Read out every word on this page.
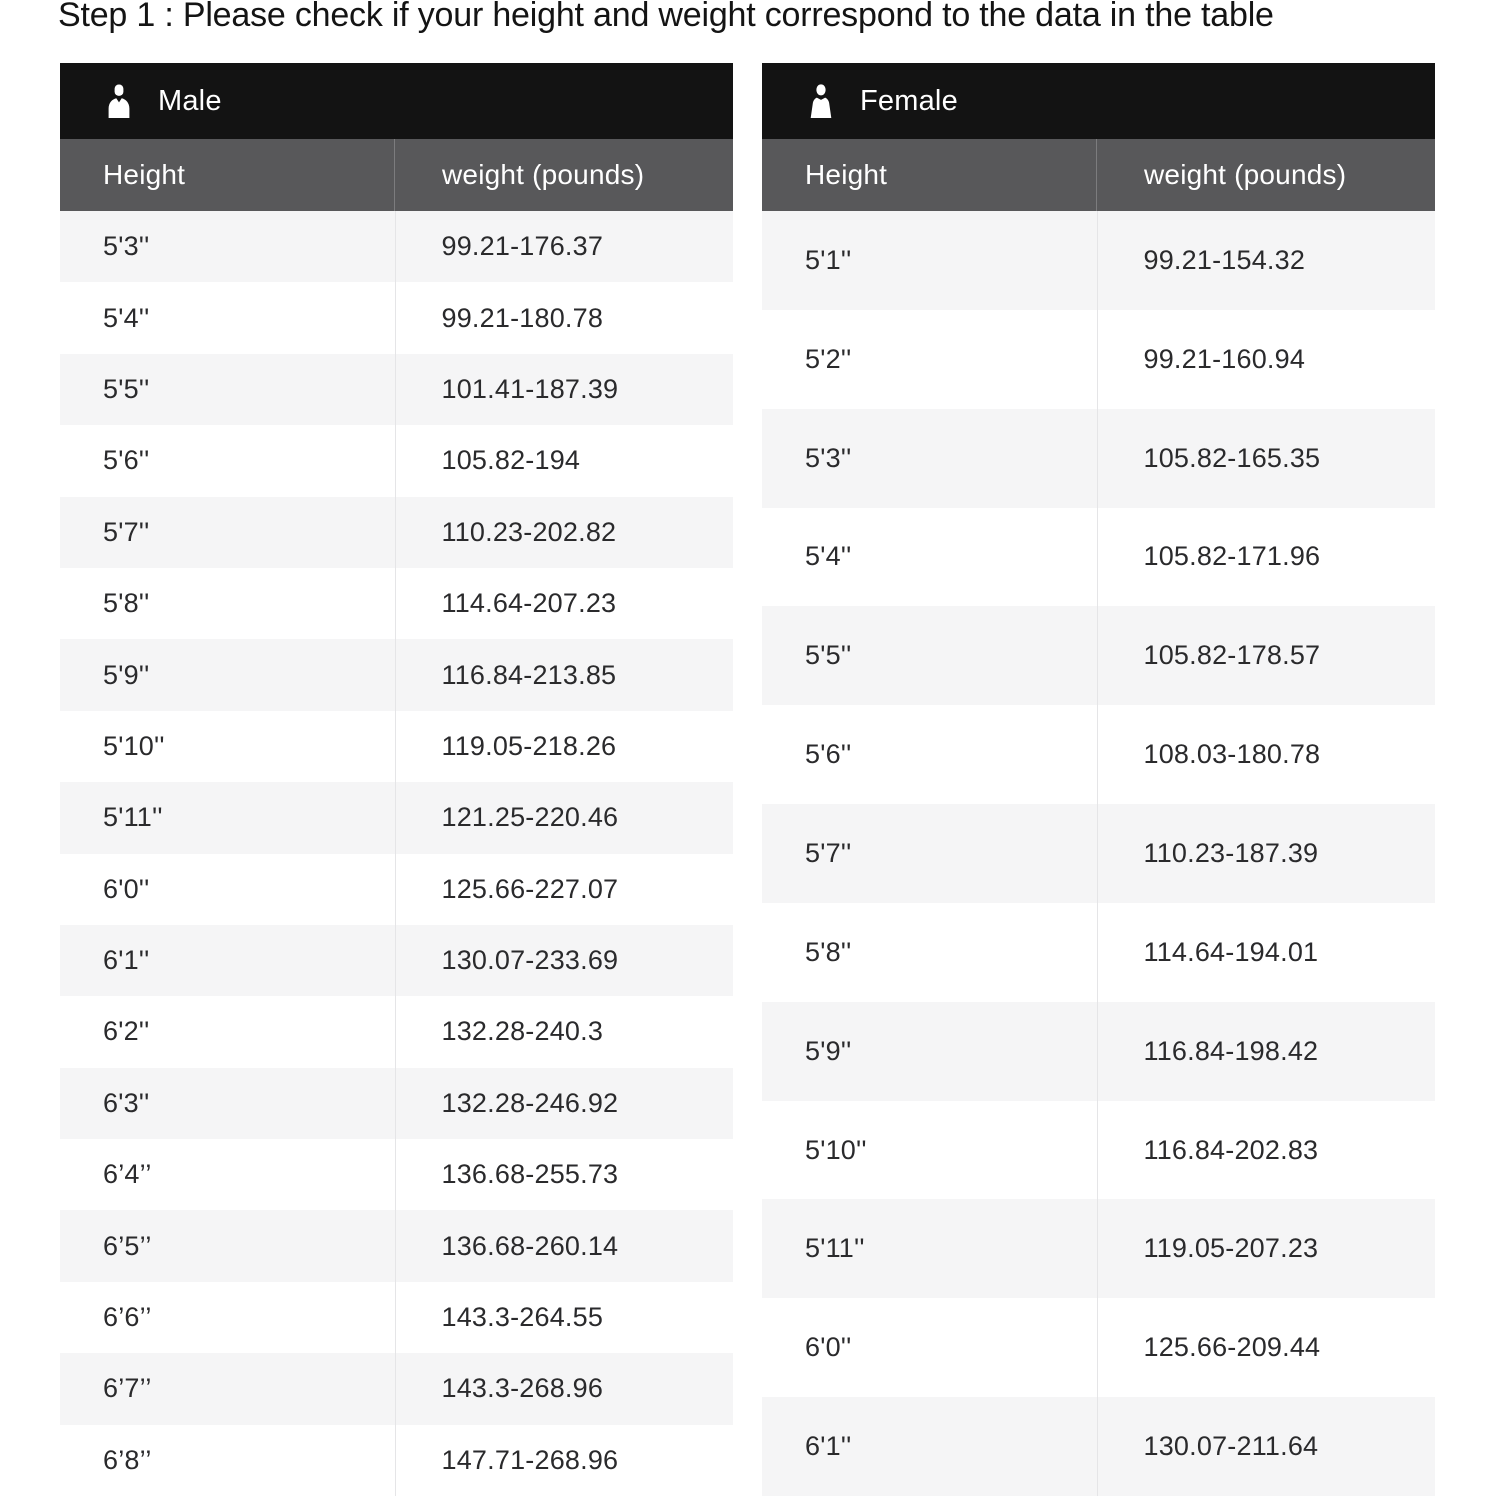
Step 1 : Please check if your height and weight correspond to the data in the table
Male
Height	weight (pounds)
5'3''	99.21-176.37
5'4''	99.21-180.78
5'5''	101.41-187.39
5'6''	105.82-194
5'7''	110.23-202.82
5'8''	114.64-207.23
5'9''	116.84-213.85
5'10''	119.05-218.26
5'11''	121.25-220.46
6'0''	125.66-227.07
6'1''	130.07-233.69
6'2''	132.28-240.3
6'3''	132.28-246.92
6’4’’	136.68-255.73
6’5’’	136.68-260.14
6’6’’	143.3-264.55
6’7’’	143.3-268.96
6’8’’	147.71-268.96
Female
Height	weight (pounds)
5'1''	99.21-154.32
5'2''	99.21-160.94
5'3''	105.82-165.35
5'4''	105.82-171.96
5'5''	105.82-178.57
5'6''	108.03-180.78
5'7''	110.23-187.39
5'8''	114.64-194.01
5'9''	116.84-198.42
5'10''	116.84-202.83
5'11''	119.05-207.23
6'0''	125.66-209.44
6'1''	130.07-211.64
